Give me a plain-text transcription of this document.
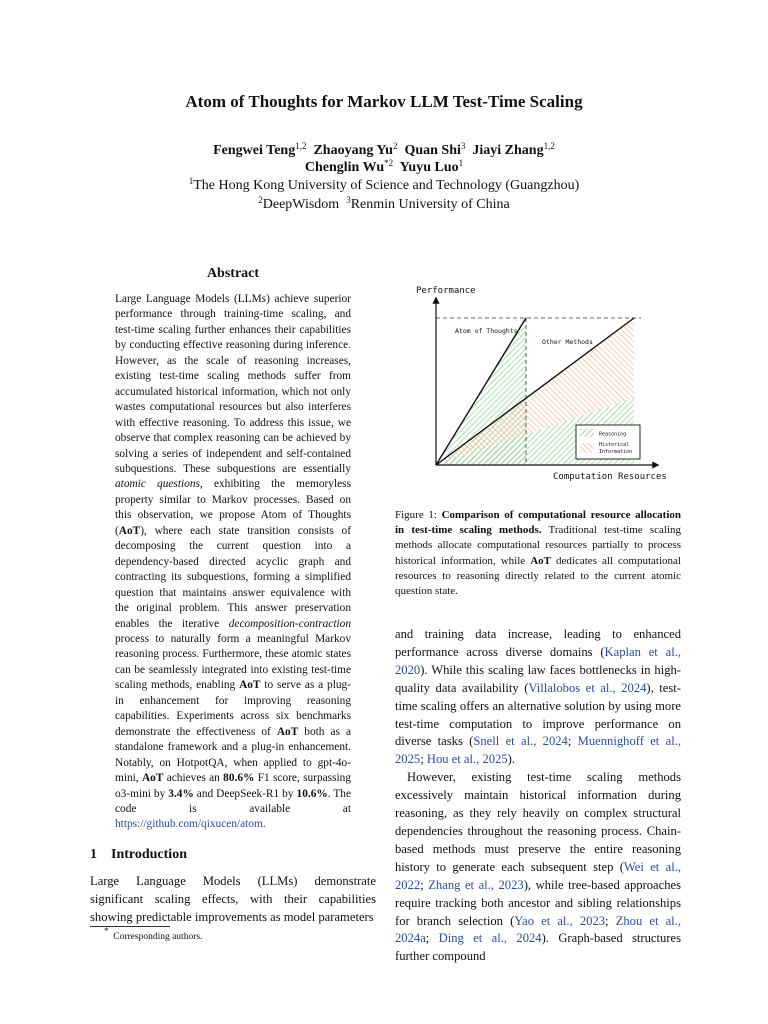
Atom of Thoughts for Markov LLM Test-Time Scaling
Fengwei Teng$^{1,2}$ Zhaoyang Yu$^2$ Quan Shi$^3$ Jiayi Zhang$^{1,2}$
Chenglin Wu$^{*2}$ Yuyu Luo$^1$
$^1$The Hong Kong University of Science and Technology (Guangzhou)
$^2$DeepWisdom $^3$Renmin University of China
Abstract
Large Language Models (LLMs) achieve superior performance through training-time scaling, and test-time scaling further enhances their capabilities by conducting effective reasoning during inference. However, as the scale of reasoning increases, existing test-time scaling methods suffer from accumulated historical information, which not only wastes computational resources but also interferes with effective reasoning. To address this issue, we observe that complex reasoning can be achieved by solving a series of independent and self-contained subquestions. These subquestions are essentially atomic questions, exhibiting the memoryless property similar to Markov processes. Based on this observation, we propose Atom of Thoughts (AoT), where each state transition consists of decomposing the current question into a dependency-based directed acyclic graph and contracting its subquestions, forming a simplified question that maintains answer equivalence with the original problem. This answer preservation enables the iterative decomposition-contraction process to naturally form a meaningful Markov reasoning process. Furthermore, these atomic states can be seamlessly integrated into existing test-time scaling methods, enabling AoT to serve as a plug-in enhancement for improving reasoning capabilities. Experiments across six benchmarks demonstrate the effectiveness of AoT both as a standalone framework and a plug-in enhancement. Notably, on HotpotQA, when applied to gpt-4o-mini, AoT achieves an 80.6% F1 score, surpassing o3-mini by 3.4% and DeepSeek-R1 by 10.6%. The code is available at https://github.com/qixucen/atom.
1 Introduction
Large Language Models (LLMs) demonstrate significant scaling effects, with their capabilities showing predictable improvements as model parameters
*  Corresponding authors.
Performance
Computation Resources
Atom of Thoughts
Other Methods
Reasoning
Historical Information
Figure 1: Comparison of computational resource allocation in test-time scaling methods. Traditional test-time scaling methods allocate computational resources partially to process historical information, while AoT dedicates all computational resources to reasoning directly related to the current atomic question state.

and training data increase, leading to enhanced performance across diverse domains (Kaplan et al., 2020). While this scaling law faces bottlenecks in high-quality data availability (Villalobos et al., 2024), test-time scaling offers an alternative solution by using more test-time computation to improve performance on diverse tasks (Snell et al., 2024; Muennighoff et al., 2025; Hou et al., 2025).

However, existing test-time scaling methods excessively maintain historical information during reasoning, as they rely heavily on complex structural dependencies throughout the reasoning process. Chain-based methods must preserve the entire reasoning history to generate each subsequent step (Wei et al., 2022; Zhang et al., 2023), while tree-based approaches require tracking both ancestor and sibling relationships for branch selection (Yao et al., 2023; Zhou et al., 2024a; Ding et al., 2024). Graph-based structures further compound
